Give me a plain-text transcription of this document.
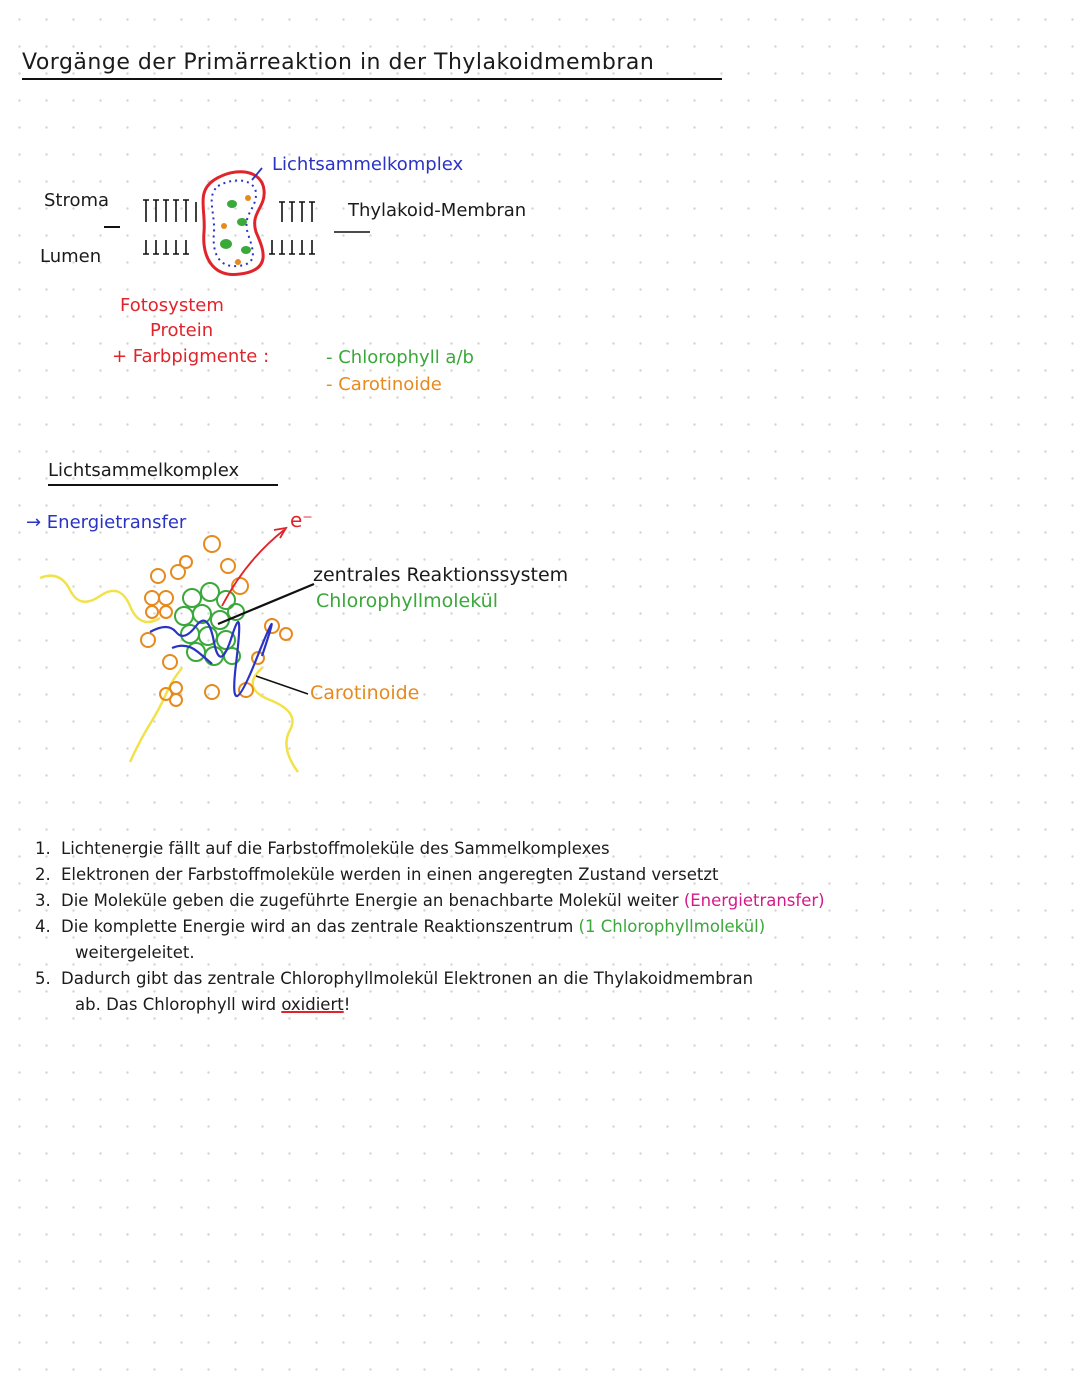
Vorgänge der Primärreaktion in der Thylakoidmembran
Lichtsammelkomplex
Stroma
Lumen
Thylakoid-Membran
Fotosystem
Protein
+ Farbpigmente :	- Chlorophyll a/b
- Carotinoide
Lichtsammelkomplex
→ Energietransfer	e⁻
zentrales Reaktionssystem
Chlorophyllmolekül
Carotinoide
1. Lichtenergie fällt auf die Farbstoffmoleküle des Sammelkomplexes
2. Elektronen der Farbstoffmoleküle werden in einen angeregten Zustand versetzt
3. Die Moleküle geben die zugeführte Energie an benachbarte Molekül weiter (Energietransfer)
4. Die komplette Energie wird an das zentrale Reaktionszentrum (1 Chlorophyllmolekül)
weitergeleitet.
5. Dadurch gibt das zentrale Chlorophyllmolekül Elektronen an die Thylakoidmembran
ab. Das Chlorophyll wird oxidiert!
